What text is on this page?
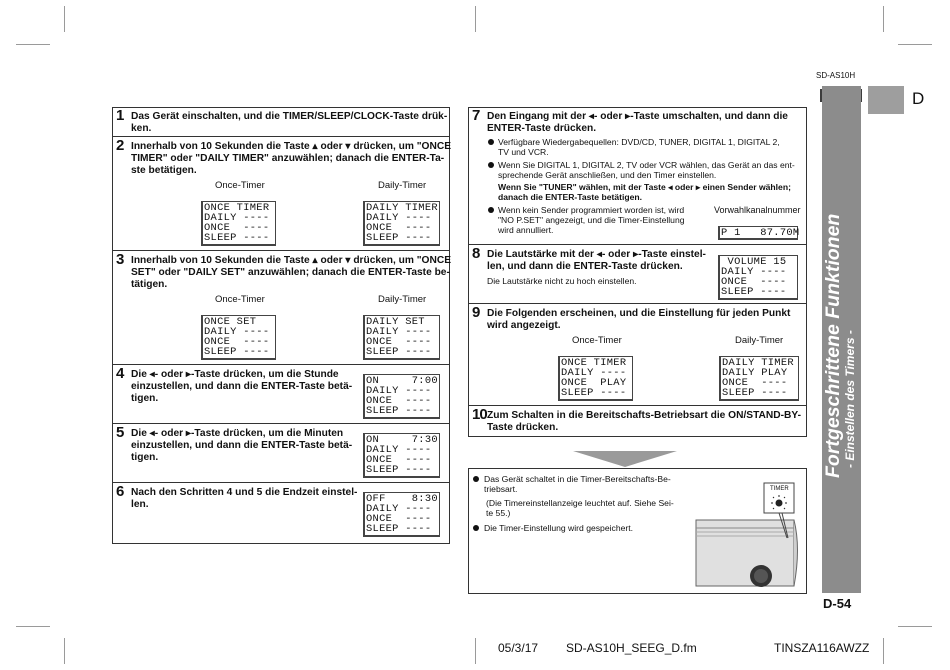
SD-AS10H
D
Fortgeschrittene Funktionen - Einstellen des Timers -
1 Das Gerät einschalten, und die TIMER/SLEEP/CLOCK-Taste drük-
ken.
2 Innerhalb von 10 Sekunden die Taste ▴ oder ▾ drücken, um "ONCE
TIMER" oder "DAILY TIMER" anzuwählen; danach die ENTER-Ta-
ste betätigen.
Once-Timer	Daily-Timer
ONCE TIMER
DAILY ----
ONCE  ----
SLEEP ----
DAILY TIMER
DAILY ----
ONCE  ----
SLEEP ----
3 Innerhalb von 10 Sekunden die Taste ▴ oder ▾ drücken, um "ONCE
SET" oder "DAILY SET" anzuwählen; danach die ENTER-Taste be-
tätigen.
Once-Timer	Daily-Timer
ONCE SET
DAILY ----
ONCE  ----
SLEEP ----
DAILY SET
DAILY ----
ONCE  ----
SLEEP ----
4 Die ◂- oder ▸-Taste drücken, um die Stunde
einzustellen, und dann die ENTER-Taste betä-
tigen.
ON     7:00
DAILY ----
ONCE  ----
SLEEP ----
5 Die ◂- oder ▸-Taste drücken, um die Minuten
einzustellen, und dann die ENTER-Taste betä-
tigen.
ON     7:30
DAILY ----
ONCE  ----
SLEEP ----
6 Nach den Schritten 4 und 5 die Endzeit einstel-
len.	OFF    8:30
DAILY ----
ONCE  ----
SLEEP ----
7 Den Eingang mit der ◂- oder ▸-Taste umschalten, und dann die
ENTER-Taste drücken.
Verfügbare Wiedergabequellen: DVD/CD, TUNER, DIGITAL 1, DIGITAL 2,
TV und VCR.
Wenn Sie DIGITAL 1, DIGITAL 2, TV oder VCR wählen, das Gerät an das ent-
sprechende Gerät anschließen, und den Timer einstellen.
Wenn Sie "TUNER" wählen, mit der Taste ◂ oder ▸ einen Sender wählen;
danach die ENTER-Taste betätigen.
Wenn kein Sender programmiert worden ist, wird
"NO P.SET" angezeigt, und die Timer-Einstellung
wird annulliert.
Vorwahlkanalnummer
P 1   87.70M
8 Die Lautstärke mit der ◂- oder ▸-Taste einstel-
len, und dann die ENTER-Taste drücken.
Die Lautstärke nicht zu hoch einstellen.
VOLUME 15
DAILY ----
ONCE  ----
SLEEP ----
9 Die Folgenden erscheinen, und die Einstellung für jeden Punkt
wird angezeigt.
Once-Timer	Daily-Timer
ONCE TIMER
DAILY ----
ONCE  PLAY
SLEEP ----
DAILY TIMER
DAILY PLAY
ONCE  ----
SLEEP ----
10 Zum Schalten in die Bereitschafts-Betriebsart die ON/STAND-BY-
Taste drücken.
Das Gerät schaltet in die Timer-Bereitschafts-Be-
triebsart.
(Die Timereinstellanzeige leuchtet auf. Siehe Sei-
te 55.)
Die Timer-Einstellung wird gespeichert.
TIMER
D-54
05/3/17 SD-AS10H_SEEG_D.fm	TINSZA116AWZZ
